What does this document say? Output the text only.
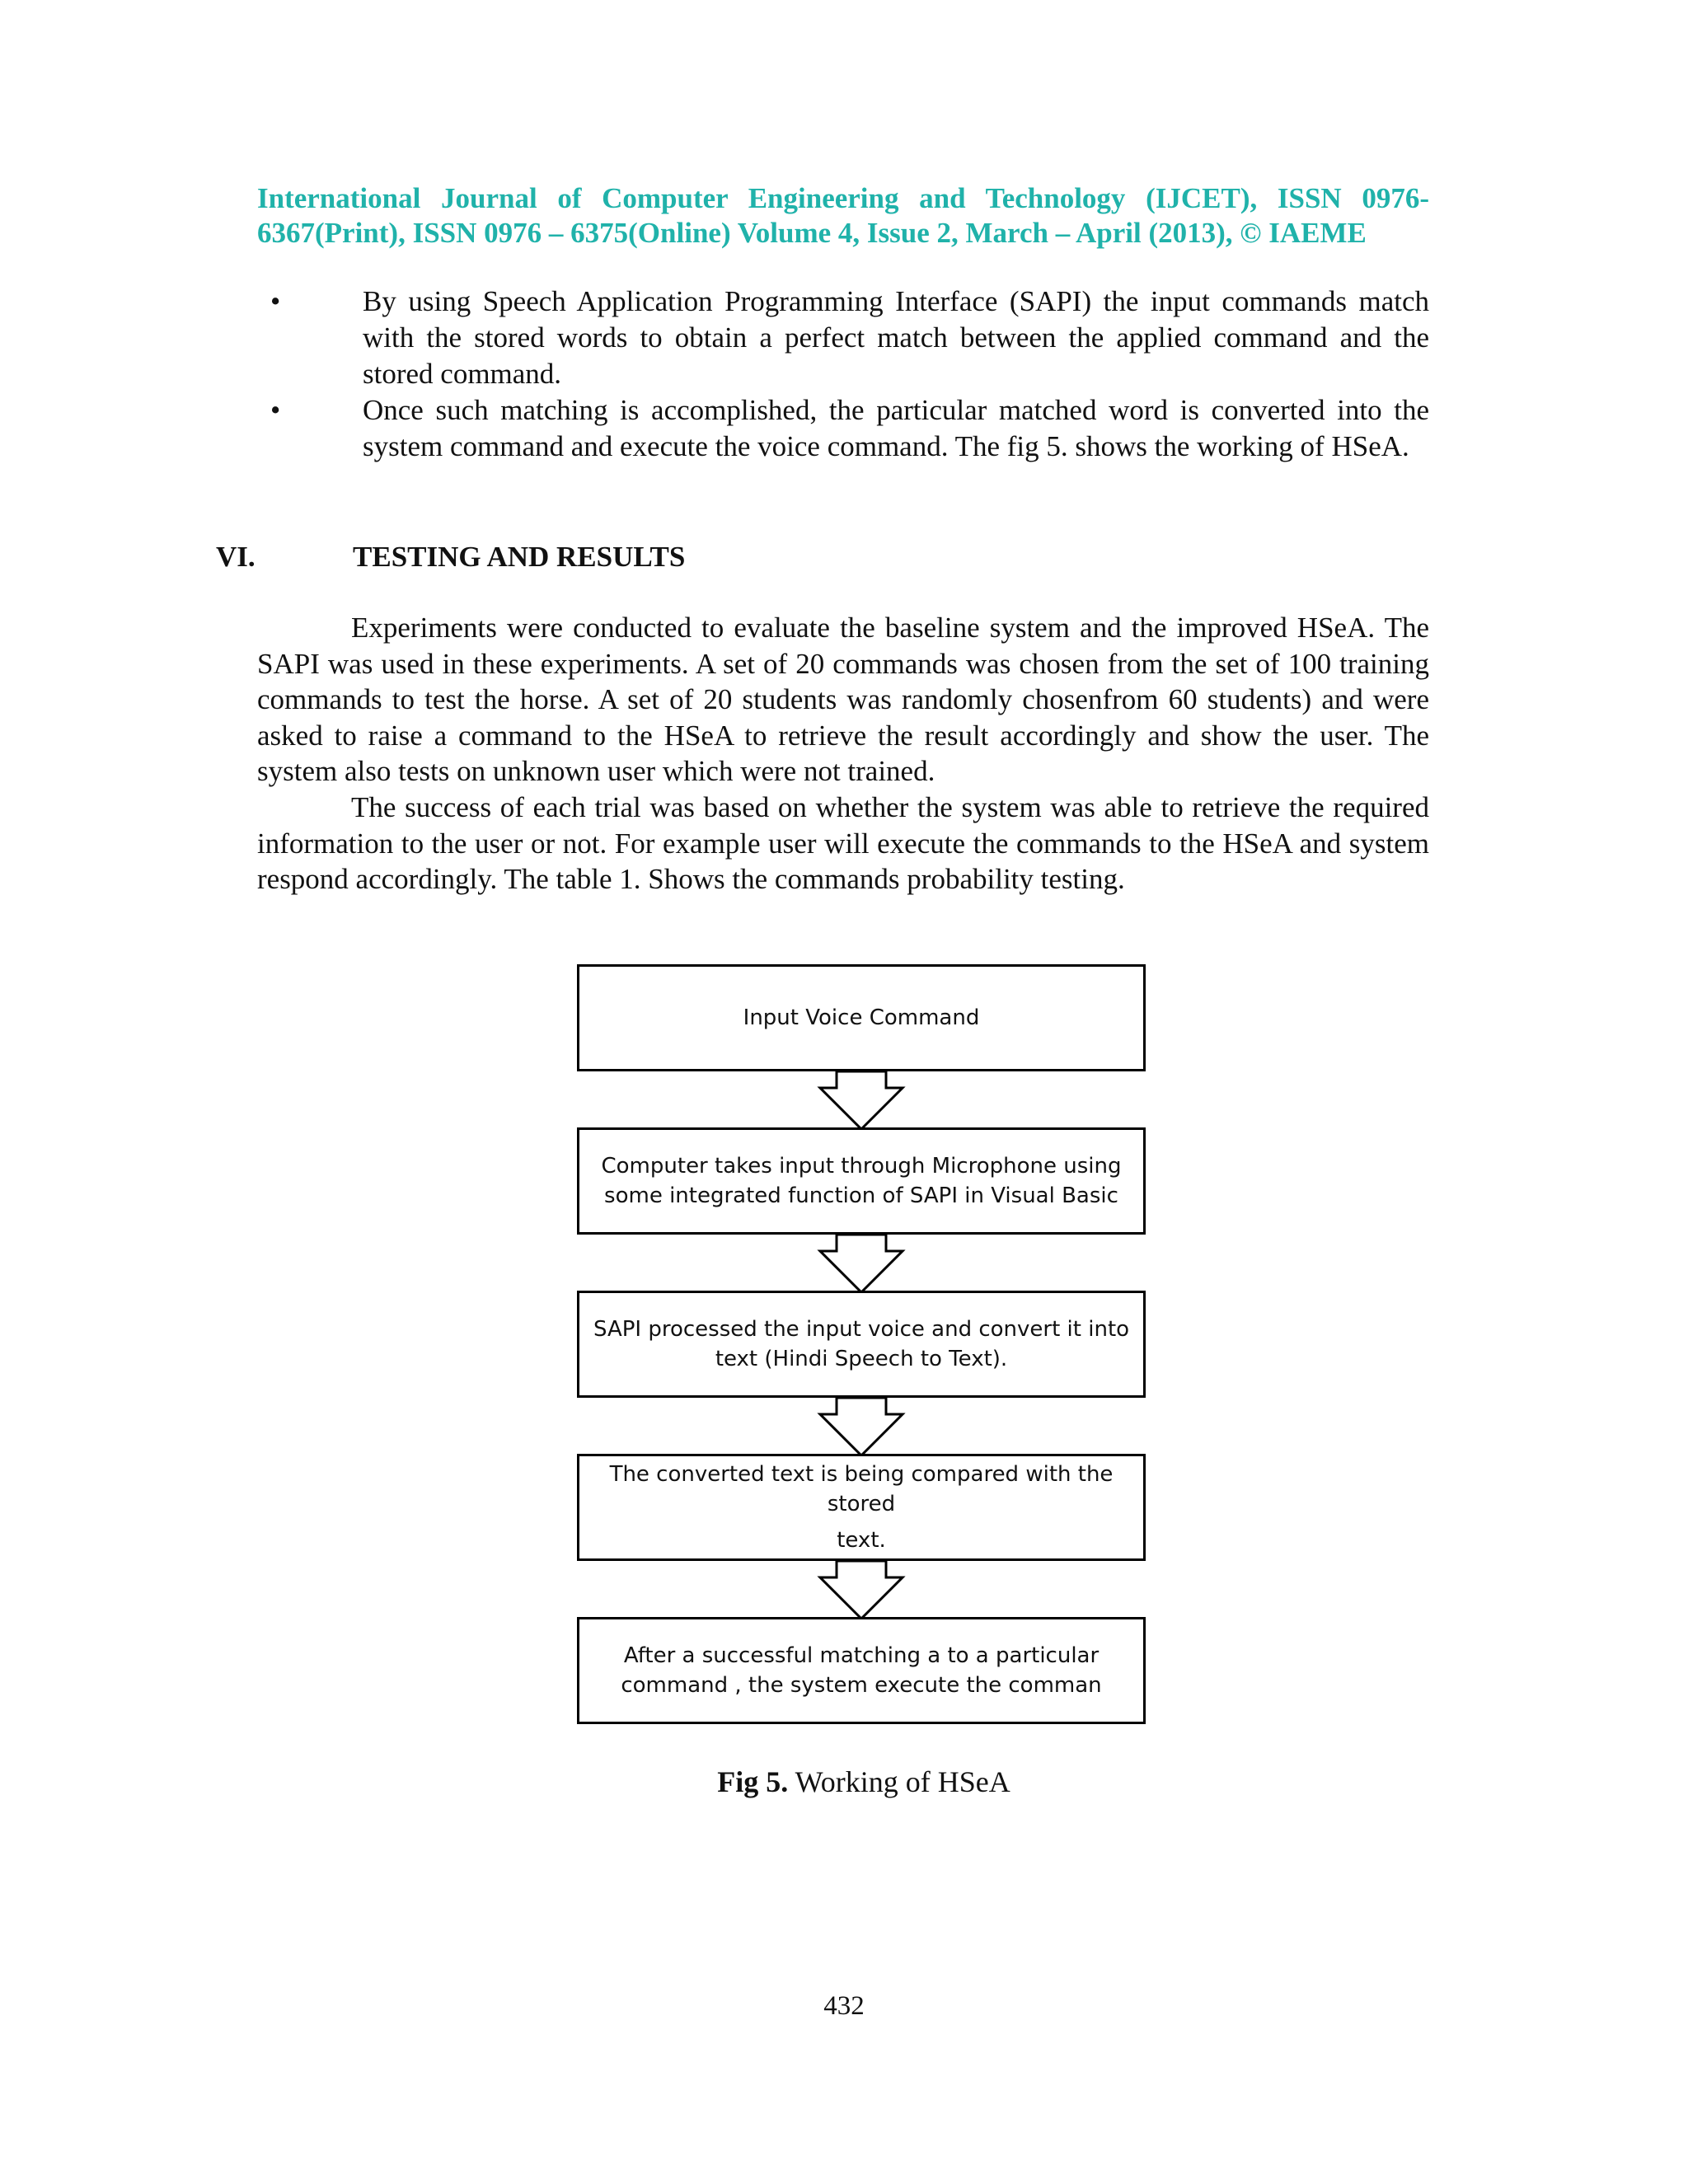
International Journal of Computer Engineering and Technology (IJCET), ISSN 0976-
6367(Print), ISSN 0976 – 6375(Online) Volume 4, Issue 2, March – April (2013), © IAEME
•	By using Speech Application Programming Interface (SAPI) the input commands match with the stored words to obtain a perfect match between the applied command and the stored command.
•	Once such matching is accomplished, the particular matched word is converted into the system command and execute the voice command. The fig 5. shows the working of HSeA.
VI.	TESTING AND RESULTS

Experiments were conducted to evaluate the baseline system and the improved HSeA. The SAPI was used in these experiments. A set of 20 commands was chosen from the set of 100 training commands to test the horse. A set of 20 students was randomly chosenfrom 60 students) and were asked to raise a command to the HSeA to retrieve the result accordingly and show the user. The system also tests on unknown user which were not trained.

The success of each trial was based on whether the system was able to retrieve the required information to the user or not. For example user will execute the commands to the HSeA and system respond accordingly. The table 1. Shows the commands probability testing.

Input Voice Command
Computer takes input through Microphone using
some integrated function of SAPI in Visual Basic
SAPI processed the input voice and convert it into
text (Hindi Speech to Text).
The converted text is being compared with the
stored
text.
After a successful matching a to a particular
command , the system execute the comman
Fig 5. Working of HSeA
432
